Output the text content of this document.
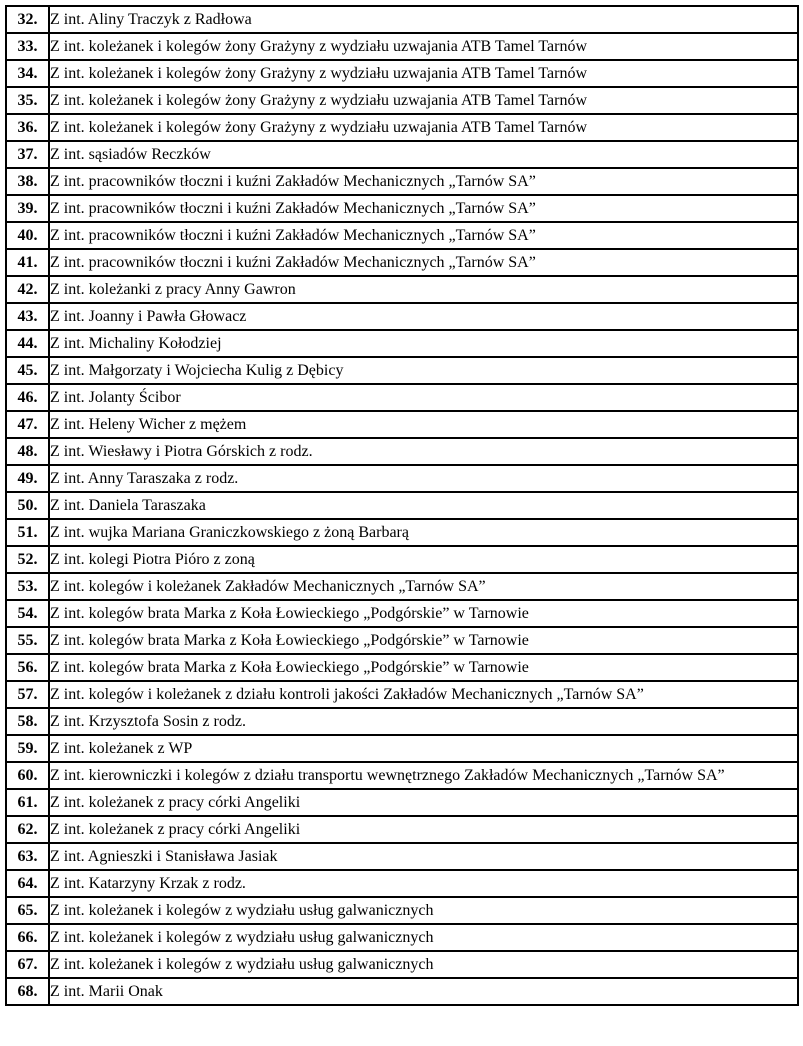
32.	Z int. Aliny Traczyk z Radłowa
33.	Z int. koleżanek i kolegów żony Grażyny z wydziału uzwajania ATB Tamel Tarnów
34.	Z int. koleżanek i kolegów żony Grażyny z wydziału uzwajania ATB Tamel Tarnów
35.	Z int. koleżanek i kolegów żony Grażyny z wydziału uzwajania ATB Tamel Tarnów
36.	Z int. koleżanek i kolegów żony Grażyny z wydziału uzwajania ATB Tamel Tarnów
37.	Z int. sąsiadów Reczków
38.	Z int. pracowników tłoczni i kuźni Zakładów Mechanicznych „Tarnów SA”
39.	Z int. pracowników tłoczni i kuźni Zakładów Mechanicznych „Tarnów SA”
40.	Z int. pracowników tłoczni i kuźni Zakładów Mechanicznych „Tarnów SA”
41.	Z int. pracowników tłoczni i kuźni Zakładów Mechanicznych „Tarnów SA”
42.	Z int. koleżanki z pracy Anny Gawron
43.	Z int. Joanny i Pawła Głowacz
44.	Z int. Michaliny Kołodziej
45.	Z int. Małgorzaty i Wojciecha Kulig z Dębicy
46.	Z int. Jolanty Ścibor
47.	Z int. Heleny Wicher z mężem
48.	Z int. Wiesławy i Piotra Górskich z rodz.
49.	Z int. Anny Taraszaka z rodz.
50.	Z int. Daniela Taraszaka
51.	Z int. wujka Mariana Graniczkowskiego z żoną Barbarą
52.	Z int. kolegi Piotra Pióro z zoną
53.	Z int. kolegów i koleżanek Zakładów Mechanicznych „Tarnów SA”
54.	Z int. kolegów brata Marka z Koła Łowieckiego „Podgórskie” w Tarnowie
55.	Z int. kolegów brata Marka z Koła Łowieckiego „Podgórskie” w Tarnowie
56.	Z int. kolegów brata Marka z Koła Łowieckiego „Podgórskie” w Tarnowie
57.	Z int. kolegów i koleżanek z działu kontroli jakości Zakładów Mechanicznych „Tarnów SA”
58.	Z int. Krzysztofa Sosin z rodz.
59.	Z int. koleżanek z WP
60.	Z int. kierowniczki i kolegów z działu transportu wewnętrznego Zakładów Mechanicznych „Tarnów SA”
61.	Z int. koleżanek z pracy córki Angeliki
62.	Z int. koleżanek z pracy córki Angeliki
63.	Z int. Agnieszki i Stanisława Jasiak
64.	Z int. Katarzyny Krzak z rodz.
65.	Z int. koleżanek i kolegów z wydziału usług galwanicznych
66.	Z int. koleżanek i kolegów z wydziału usług galwanicznych
67.	Z int. koleżanek i kolegów z wydziału usług galwanicznych
68.	Z int. Marii Onak
